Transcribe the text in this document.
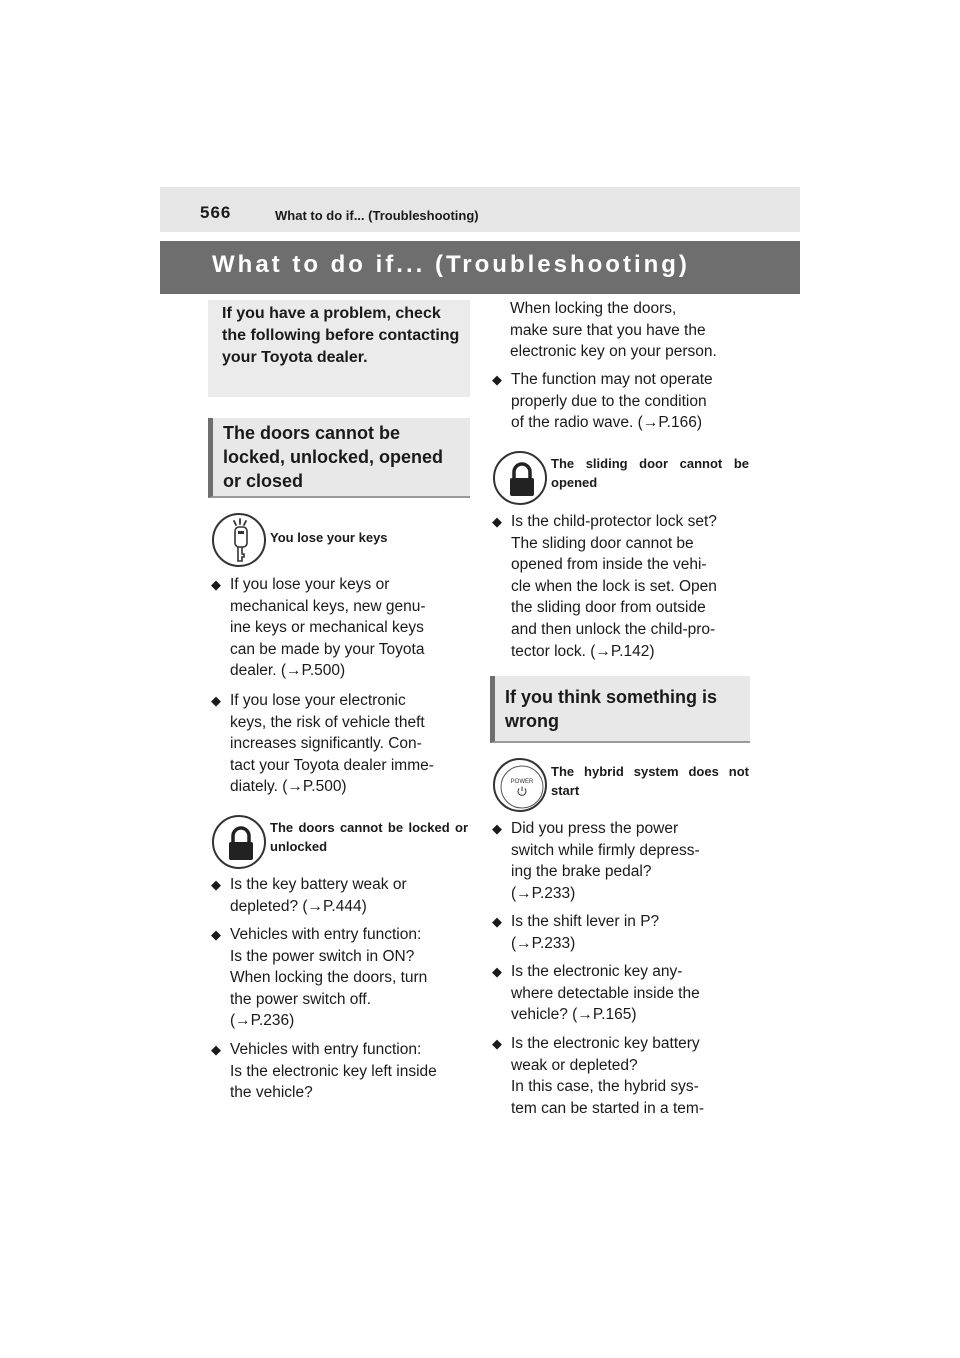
566	What to do if... (Troubleshooting)
What to do if... (Troubleshooting)
If you have a problem, check the following before contacting your Toyota dealer.
The doors cannot be locked, unlocked, opened or closed
You lose your keys
◆ If you lose your keys or
mechanical keys, new genu-
ine keys or mechanical keys
can be made by your Toyota
dealer. (→P.500)
◆ If you lose your electronic
keys, the risk of vehicle theft
increases significantly. Con-
tact your Toyota dealer imme-
diately. (→P.500)
The doors cannot be locked or unlocked
◆ Is the key battery weak or
depleted? (→P.444)
◆ Vehicles with entry function:
Is the power switch in ON?
When locking the doors, turn
the power switch off.
(→P.236)
◆ Vehicles with entry function:
Is the electronic key left inside
the vehicle?
When locking the doors,
make sure that you have the
electronic key on your person.
◆ The function may not operate
properly due to the condition
of the radio wave. (→P.166)
The sliding door cannot be opened
◆ Is the child-protector lock set?
The sliding door cannot be
opened from inside the vehi-
cle when the lock is set. Open
the sliding door from outside
and then unlock the child-pro-
tector lock. (→P.142)
If you think something is wrong
POWER
The hybrid system does not start
◆ Did you press the power
switch while firmly depress-
ing the brake pedal?
(→P.233)
◆ Is the shift lever in P?
(→P.233)
◆ Is the electronic key any-
where detectable inside the
vehicle? (→P.165)
◆ Is the electronic key battery
weak or depleted?
In this case, the hybrid sys-
tem can be started in a tem-
